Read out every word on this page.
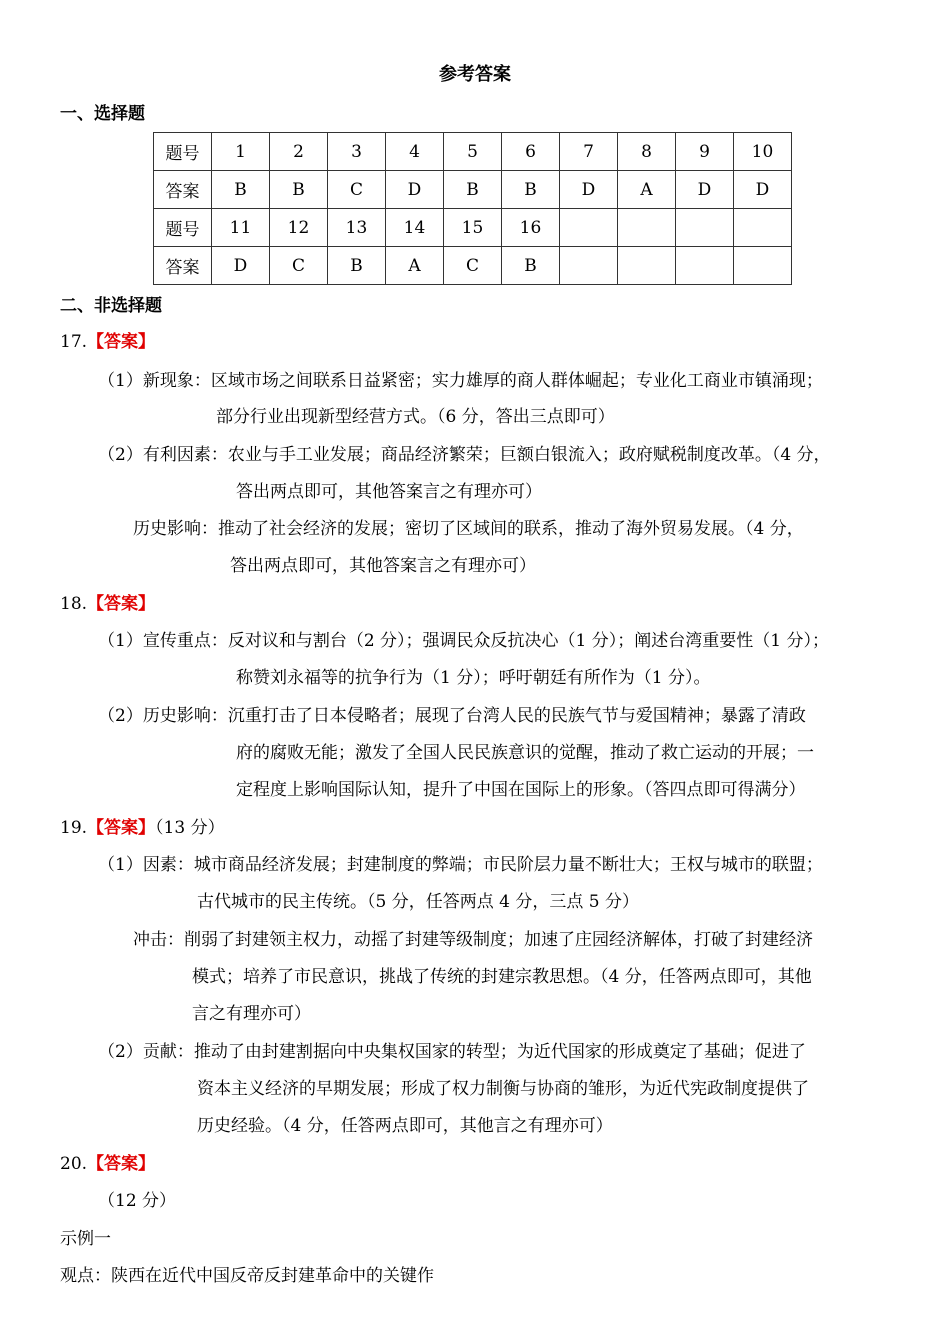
参考答案
一、选择题
题号	1	2	3	4	5	6	7	8	9	10
答案	B	B	C	D	B	B	D	A	D	D
题号	11	12	13	14	15	16				
答案	D	C	B	A	C	B				
二、非选择题
17.【答案】
（1）新现象：区域市场之间联系日益紧密；实力雄厚的商人群体崛起；专业化工商业市镇涌现；
部分行业出现新型经营方式。（6 分，答出三点即可）
（2）有利因素：农业与手工业发展；商品经济繁荣；巨额白银流入；政府赋税制度改革。（4 分，
答出两点即可，其他答案言之有理亦可）
历史影响：推动了社会经济的发展；密切了区域间的联系，推动了海外贸易发展。（4 分，
答出两点即可，其他答案言之有理亦可）
18.【答案】
（1）宣传重点：反对议和与割台（2 分）；强调民众反抗决心（1 分）；阐述台湾重要性（1 分）；
称赞刘永福等的抗争行为（1 分）；呼吁朝廷有所作为（1 分）。
（2）历史影响：沉重打击了日本侵略者；展现了台湾人民的民族气节与爱国精神；暴露了清政
府的腐败无能；激发了全国人民民族意识的觉醒，推动了救亡运动的开展；一
定程度上影响国际认知，提升了中国在国际上的形象。（答四点即可得满分）
19.【答案】（13 分）
（1）因素：城市商品经济发展；封建制度的弊端；市民阶层力量不断壮大；王权与城市的联盟；
古代城市的民主传统。（5 分，任答两点 4 分，三点 5 分）
冲击：削弱了封建领主权力，动摇了封建等级制度；加速了庄园经济解体，打破了封建经济
模式；培养了市民意识，挑战了传统的封建宗教思想。（4 分，任答两点即可，其他
言之有理亦可）
（2）贡献：推动了由封建割据向中央集权国家的转型；为近代国家的形成奠定了基础；促进了
资本主义经济的早期发展；形成了权力制衡与协商的雏形，为近代宪政制度提供了
历史经验。（4 分，任答两点即可，其他言之有理亦可）
20.【答案】
（12 分）
示例一
观点：陕西在近代中国反帝反封建革命中的关键作
